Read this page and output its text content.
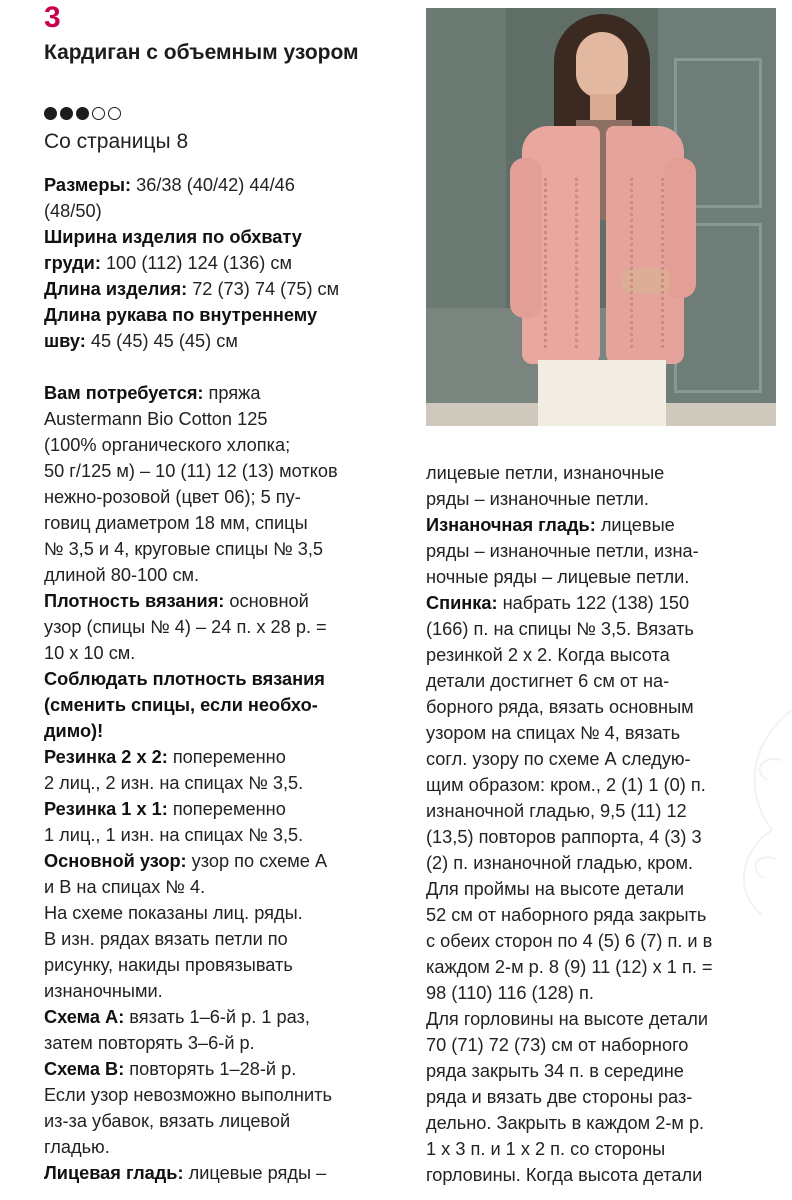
3
Кардиган с объемным узором
Со страницы 8

Размеры: 36/38 (40/42) 44/46

(48/50)

Ширина изделия по обхвату

груди: 100 (112) 124 (136) см

Длина изделия: 72 (73) 74 (75) см

Длина рукава по внутреннему

шву: 45 (45) 45 (45) см

Вам потребуется: пряжа

Austermann Bio Cotton 125

(100% органического хлопка;

50 г/125 м) – 10 (11) 12 (13) мотков

нежно-розовой (цвет 06); 5 пу-

говиц диаметром 18 мм, спицы

№ 3,5 и 4, круговые спицы № 3,5

длиной 80-100 см.

Плотность вязания: основной

узор (спицы № 4) – 24 п. х 28 р. =

10 х 10 см.

Соблюдать плотность вязания

(сменить спицы, если необхо-

димо)!

Резинка 2 х 2: попеременно

2 лиц., 2 изн. на спицах № 3,5.

Резинка 1 х 1: попеременно

1 лиц., 1 изн. на спицах № 3,5.

Основной узор: узор по схеме А

и В на спицах № 4.

На схеме показаны лиц. ряды.

В изн. рядах вязать петли по

рисунку, накиды провязывать

изнаночными.

Схема А: вязать 1–6-й р. 1 раз,

затем повторять 3–6-й р.

Схема В: повторять 1–28-й р.

Если узор невозможно выполнить

из-за убавок, вязать лицевой

гладью.

Лицевая гладь: лицевые ряды –

лицевые петли, изнаночные

ряды – изнаночные петли.

Изнаночная гладь: лицевые

ряды – изнаночные петли, изна-

ночные ряды – лицевые петли.

Спинка: набрать 122 (138) 150

(166) п. на спицы № 3,5. Вязать

резинкой 2 х 2. Когда высота

детали достигнет 6 см от на-

борного ряда, вязать основным

узором на спицах № 4, вязать

согл. узору по схеме А следую-

щим образом: кром., 2 (1) 1 (0) п.

изнаночной гладью, 9,5 (11) 12

(13,5) повторов раппорта, 4 (3) 3

(2) п. изнаночной гладью, кром.

Для проймы на высоте детали

52 см от наборного ряда закрыть

с обеих сторон по 4 (5) 6 (7) п. и в

каждом 2-м р. 8 (9) 11 (12) х 1 п. =

98 (110) 116 (128) п.

Для горловины на высоте детали

70 (71) 72 (73) см от наборного

ряда закрыть 34 п. в середине

ряда и вязать две стороны раз-

дельно. Закрыть в каждом 2-м р.

1 х 3 п. и 1 х 2 п. со стороны

горловины. Когда высота детали
